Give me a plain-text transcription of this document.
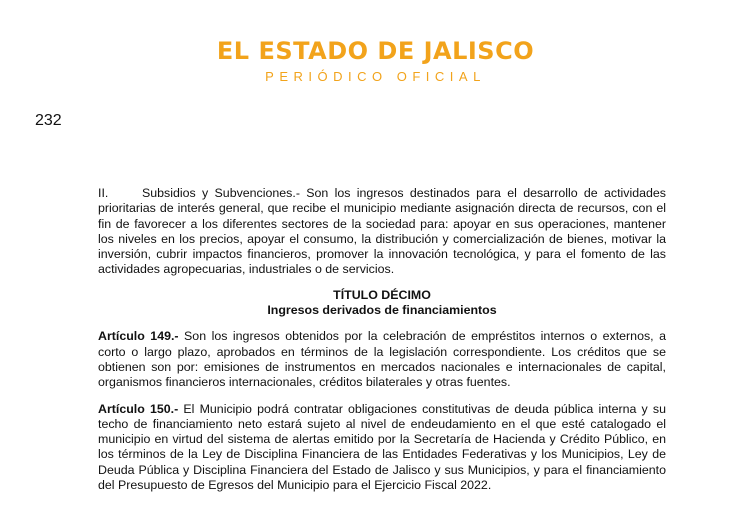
EL ESTADO DE JALISCO
PERIÓDICO OFICIAL
232

II.	Subsidios y Subvenciones.- Son los ingresos destinados para el desarrollo de actividades prioritarias de interés general, que recibe el municipio mediante asignación directa de recursos, con el fin de favorecer a los diferentes sectores de la sociedad para: apoyar en sus operaciones, mantener los niveles en los precios, apoyar el consumo, la distribución y comercialización de bienes, motivar la inversión, cubrir impactos financieros, promover la innovación tecnológica, y para el fomento de las actividades agropecuarias, industriales o de servicios.

TÍTULO DÉCIMO
Ingresos derivados de financiamientos

Artículo 149.- Son los ingresos obtenidos por la celebración de empréstitos internos o externos, a corto o largo plazo, aprobados en términos de la legislación correspondiente. Los créditos que se obtienen son por: emisiones de instrumentos en mercados nacionales e internacionales de capital, organismos financieros internacionales, créditos bilaterales y otras fuentes.

Artículo 150.- El Municipio podrá contratar obligaciones constitutivas de deuda pública interna y su techo de financiamiento neto estará sujeto al nivel de endeudamiento en el que esté catalogado el municipio en virtud del sistema de alertas emitido por la Secretaría de Hacienda y Crédito Público, en los términos de la Ley de Disciplina Financiera de las Entidades Federativas y los Municipios, Ley de Deuda Pública y Disciplina Financiera del Estado de Jalisco y sus Municipios, y para el financiamiento del Presupuesto de Egresos del Municipio para el Ejercicio Fiscal 2022.
